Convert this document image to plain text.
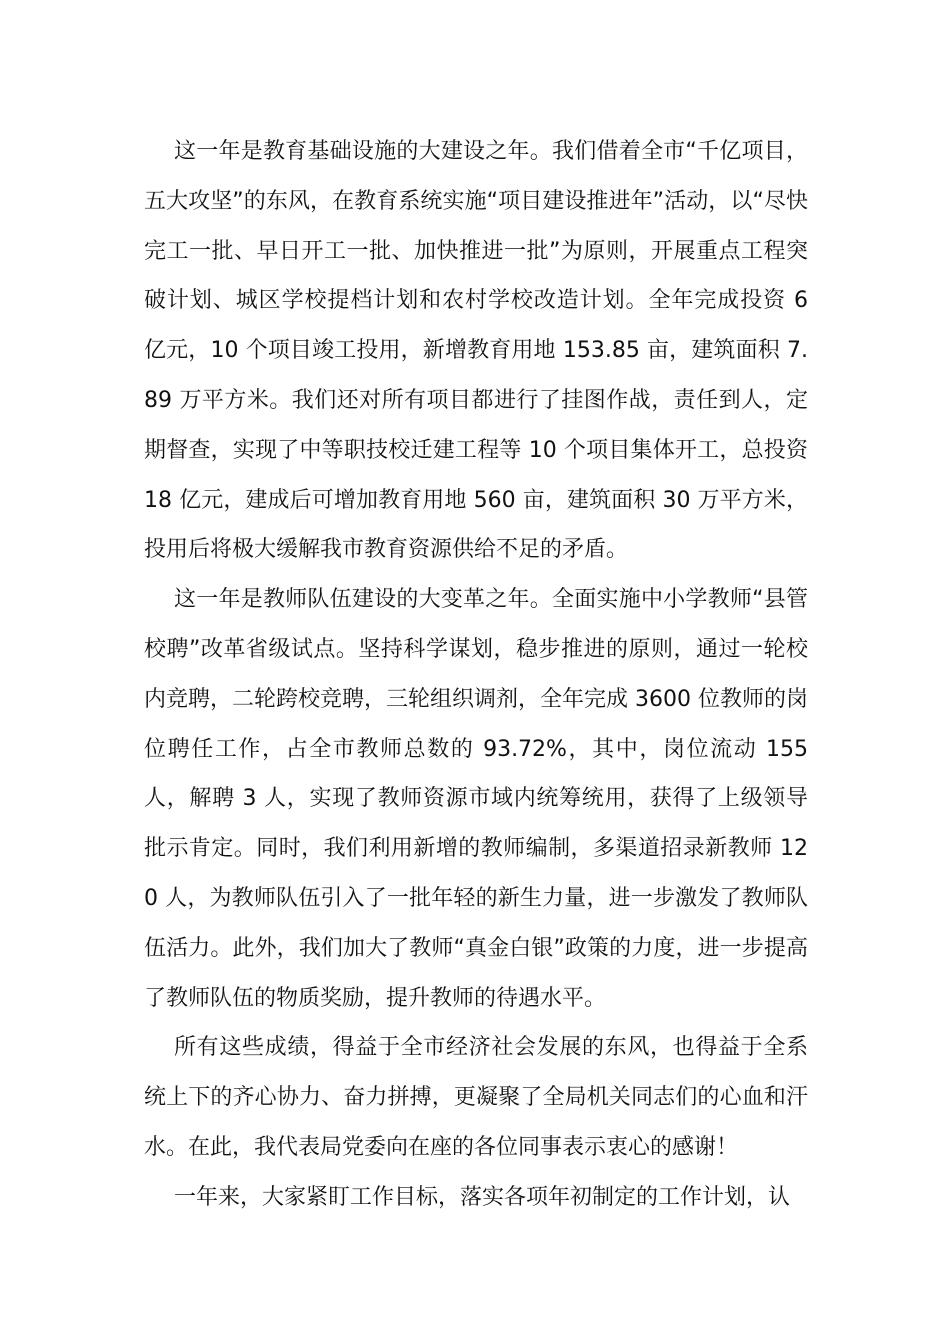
这一年是教育基础设施的大建设之年。我们借着全市“千亿项目，五大攻坚”的东风，在教育系统实施“项目建设推进年”活动，以“尽快完工一批、早日开工一批、加快推进一批”为原则，开展重点工程突破计划、城区学校提档计划和农村学校改造计划。全年完成投资 6 亿元，10 个项目竣工投用，新增教育用地 153.85 亩，建筑面积 7.89 万平方米。我们还对所有项目都进行了挂图作战，责任到人，定期督查，实现了中等职技校迁建工程等 10 个项目集体开工，总投资 18 亿元，建成后可增加教育用地 560 亩，建筑面积 30 万平方米，投用后将极大缓解我市教育资源供给不足的矛盾。

这一年是教师队伍建设的大变革之年。全面实施中小学教师“县管校聘”改革省级试点。坚持科学谋划，稳步推进的原则，通过一轮校内竞聘，二轮跨校竞聘，三轮组织调剂，全年完成 3600 位教师的岗位聘任工作，占全市教师总数的 93.72%，其中，岗位流动 155 人，解聘 3 人，实现了教师资源市域内统筹统用，获得了上级领导批示肯定。同时，我们利用新增的教师编制，多渠道招录新教师 120 人，为教师队伍引入了一批年轻的新生力量，进一步激发了教师队伍活力。此外，我们加大了教师“真金白银”政策的力度，进一步提高了教师队伍的物质奖励，提升教师的待遇水平。

所有这些成绩，得益于全市经济社会发展的东风，也得益于全系统上下的齐心协力、奋力拼搏，更凝聚了全局机关同志们的心血和汗水。在此，我代表局党委向在座的各位同事表示衷心的感谢！

一年来，大家紧盯工作目标，落实各项年初制定的工作计划，认
